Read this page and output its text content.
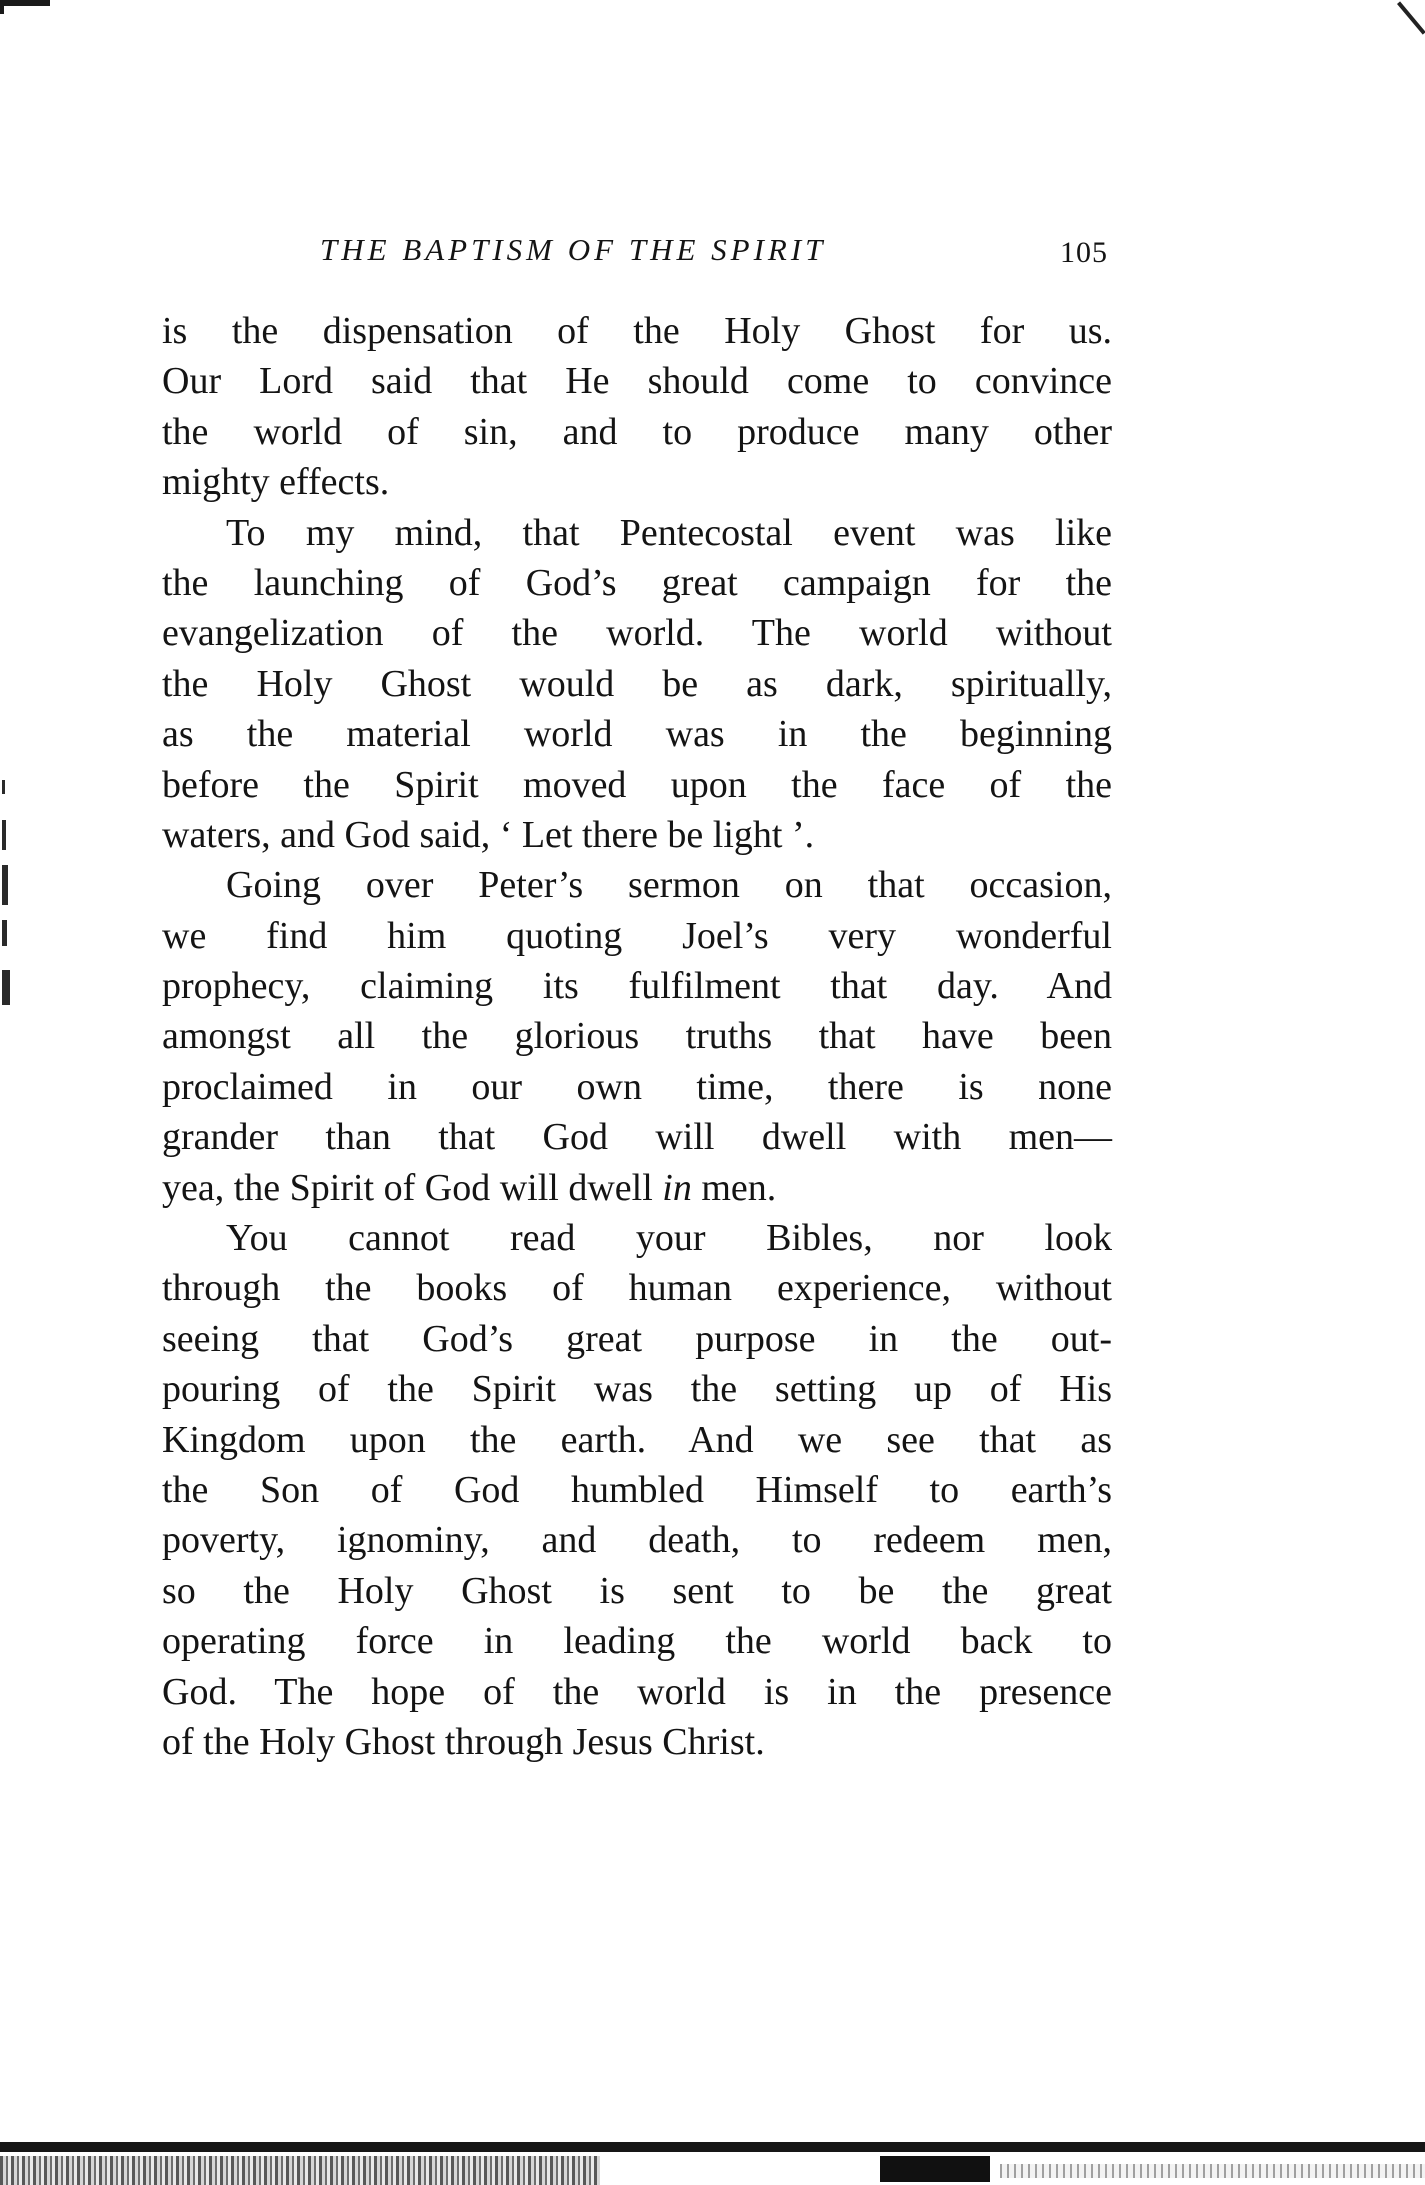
THE BAPTISM OF THE SPIRIT	105
is the dispensation of the Holy Ghost for us.
Our Lord said that He should come to convince
the world of sin, and to produce many other
mighty effects.
To my mind, that Pentecostal event was like
the launching of God’s great campaign for the
evangelization of the world. The world without
the Holy Ghost would be as dark, spiritually,
as the material world was in the beginning
before the Spirit moved upon the face of the
waters, and God said, ‘ Let there be light ’.
Going over Peter’s sermon on that occasion,
we find him quoting Joel’s very wonderful
prophecy, claiming its fulfilment that day. And
amongst all the glorious truths that have been
proclaimed in our own time, there is none
grander than that God will dwell with men—
yea, the Spirit of God will dwell in men.
You cannot read your Bibles, nor look
through the books of human experience, without
seeing that God’s great purpose in the out-
pouring of the Spirit was the setting up of His
Kingdom upon the earth. And we see that as
the Son of God humbled Himself to earth’s
poverty, ignominy, and death, to redeem men,
so the Holy Ghost is sent to be the great
operating force in leading the world back to
God. The hope of the world is in the presence
of the Holy Ghost through Jesus Christ.
